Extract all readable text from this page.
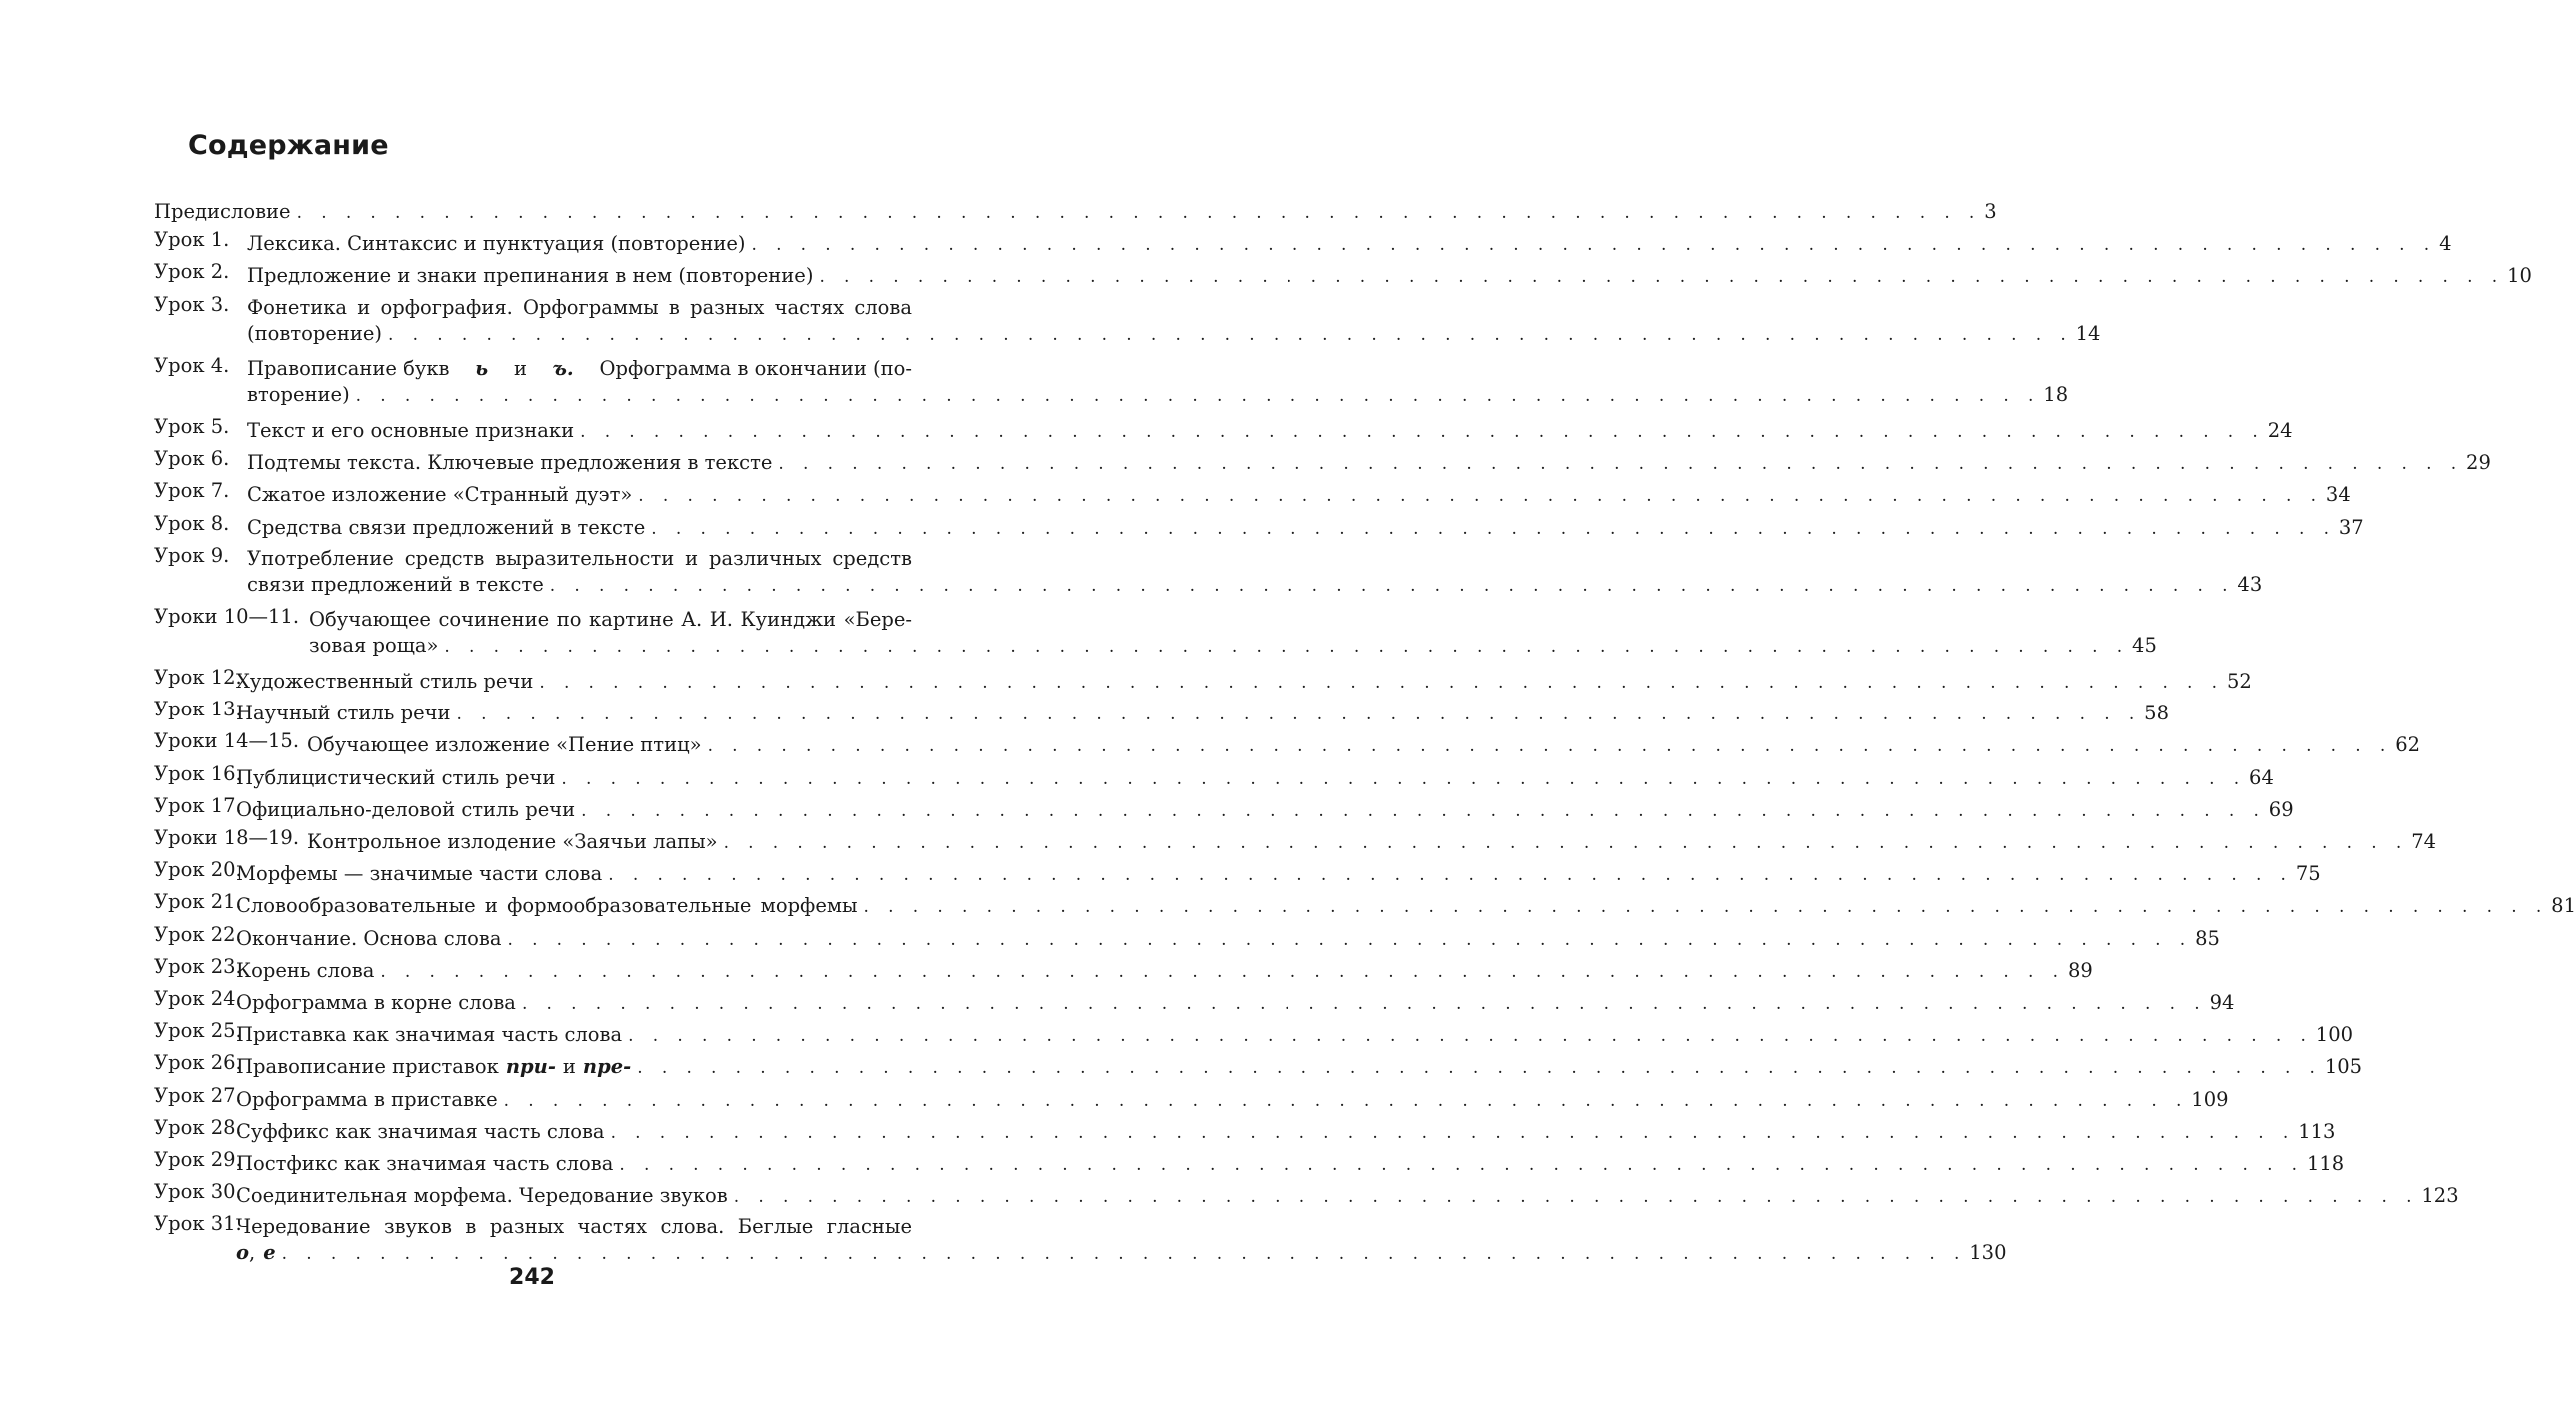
Содержание
Предисловие . . . . . . . . . . . . . . . . . . . . . . . . . . . . . . . . . . . . . . . . . . . . . . . . . . . . . . . . . . . . . . . . . . . . . 3
Урок 1. Лексика. Синтаксис и пунктуация (повторение) . . . . . . . . . . . . . . . . . . . . . . . . . . . . . . . . . . . . . . . . . . . . . . . . . . . . . . . . . . . . . . . . . . . . . 4
Урок 2. Предложение и знаки препинания в нем (повторение) . . . . . . . . . . . . . . . . . . . . . . . . . . . . . . . . . . . . . . . . . . . . . . . . . . . . . . . . . . . . . . . . . . . . . 10
Урок 3. Фонетика и орфография. Орфограммы в разных частях слова
(повторение) . . . . . . . . . . . . . . . . . . . . . . . . . . . . . . . . . . . . . . . . . . . . . . . . . . . . . . . . . . . . . . . . . . . . . 14
Урок 4. Правописание букв ь и ъ. Орфограмма в окончании (по-
вторение) . . . . . . . . . . . . . . . . . . . . . . . . . . . . . . . . . . . . . . . . . . . . . . . . . . . . . . . . . . . . . . . . . . . . . 18
Урок 5. Текст и его основные признаки . . . . . . . . . . . . . . . . . . . . . . . . . . . . . . . . . . . . . . . . . . . . . . . . . . . . . . . . . . . . . . . . . . . . . 24
Урок 6. Подтемы текста. Ключевые предложения в тексте . . . . . . . . . . . . . . . . . . . . . . . . . . . . . . . . . . . . . . . . . . . . . . . . . . . . . . . . . . . . . . . . . . . . . 29
Урок 7. Сжатое изложение «Странный дуэт» . . . . . . . . . . . . . . . . . . . . . . . . . . . . . . . . . . . . . . . . . . . . . . . . . . . . . . . . . . . . . . . . . . . . . 34
Урок 8. Средства связи предложений в тексте . . . . . . . . . . . . . . . . . . . . . . . . . . . . . . . . . . . . . . . . . . . . . . . . . . . . . . . . . . . . . . . . . . . . . 37
Урок 9. Употребление средств выразительности и различных средств
связи предложений в тексте . . . . . . . . . . . . . . . . . . . . . . . . . . . . . . . . . . . . . . . . . . . . . . . . . . . . . . . . . . . . . . . . . . . . . 43
Уроки 10—11. Обучающее сочинение по картине А. И. Куинджи «Бере-
зовая роща» . . . . . . . . . . . . . . . . . . . . . . . . . . . . . . . . . . . . . . . . . . . . . . . . . . . . . . . . . . . . . . . . . . . . . 45
Урок 12.
Художественный стиль речи . . . . . . . . . . . . . . . . . . . . . . . . . . . . . . . . . . . . . . . . . . . . . . . . . . . . . . . . . . . . . . . . . . . . . 52
Урок 13.
Научный стиль речи . . . . . . . . . . . . . . . . . . . . . . . . . . . . . . . . . . . . . . . . . . . . . . . . . . . . . . . . . . . . . . . . . . . . . 58
Уроки 14—15. Обучающее изложение «Пение птиц» . . . . . . . . . . . . . . . . . . . . . . . . . . . . . . . . . . . . . . . . . . . . . . . . . . . . . . . . . . . . . . . . . . . . . 62
Урок 16.
Публицистический стиль речи . . . . . . . . . . . . . . . . . . . . . . . . . . . . . . . . . . . . . . . . . . . . . . . . . . . . . . . . . . . . . . . . . . . . . 64
Урок 17.
Официально-деловой стиль речи . . . . . . . . . . . . . . . . . . . . . . . . . . . . . . . . . . . . . . . . . . . . . . . . . . . . . . . . . . . . . . . . . . . . . 69
Уроки 18—19. Контрольное излодение «Заячьи лапы» . . . . . . . . . . . . . . . . . . . . . . . . . . . . . . . . . . . . . . . . . . . . . . . . . . . . . . . . . . . . . . . . . . . . . 74
Урок 20.
Морфемы — значимые части слова . . . . . . . . . . . . . . . . . . . . . . . . . . . . . . . . . . . . . . . . . . . . . . . . . . . . . . . . . . . . . . . . . . . . . 75
Урок 21.
Словообразовательные и формообразовательные морфемы . . . . . . . . . . . . . . . . . . . . . . . . . . . . . . . . . . . . . . . . . . . . . . . . . . . . . . . . . . . . . . . . . . . . . 81
Урок 22.
Окончание. Основа слова . . . . . . . . . . . . . . . . . . . . . . . . . . . . . . . . . . . . . . . . . . . . . . . . . . . . . . . . . . . . . . . . . . . . . 85
Урок 23.
Корень слова . . . . . . . . . . . . . . . . . . . . . . . . . . . . . . . . . . . . . . . . . . . . . . . . . . . . . . . . . . . . . . . . . . . . . 89
Урок 24.
Орфограмма в корне слова . . . . . . . . . . . . . . . . . . . . . . . . . . . . . . . . . . . . . . . . . . . . . . . . . . . . . . . . . . . . . . . . . . . . . 94
Урок 25.
Приставка как значимая часть слова . . . . . . . . . . . . . . . . . . . . . . . . . . . . . . . . . . . . . . . . . . . . . . . . . . . . . . . . . . . . . . . . . . . . . 100
Урок 26.
Правописание приставок при- и пре- . . . . . . . . . . . . . . . . . . . . . . . . . . . . . . . . . . . . . . . . . . . . . . . . . . . . . . . . . . . . . . . . . . . . . 105
Урок 27.
Орфограмма в приставке . . . . . . . . . . . . . . . . . . . . . . . . . . . . . . . . . . . . . . . . . . . . . . . . . . . . . . . . . . . . . . . . . . . . . 109
Урок 28.
Суффикс как значимая часть слова . . . . . . . . . . . . . . . . . . . . . . . . . . . . . . . . . . . . . . . . . . . . . . . . . . . . . . . . . . . . . . . . . . . . . 113
Урок 29.
Постфикс как значимая часть слова . . . . . . . . . . . . . . . . . . . . . . . . . . . . . . . . . . . . . . . . . . . . . . . . . . . . . . . . . . . . . . . . . . . . . 118
Урок 30.
Соединительная морфема. Чередование звуков . . . . . . . . . . . . . . . . . . . . . . . . . . . . . . . . . . . . . . . . . . . . . . . . . . . . . . . . . . . . . . . . . . . . . 123
Урок 31.
Чередование звуков в разных частях слова. Беглые гласные
о , е . . . . . . . . . . . . . . . . . . . . . . . . . . . . . . . . . . . . . . . . . . . . . . . . . . . . . . . . . . . . . . . . . . . . . 130
242
